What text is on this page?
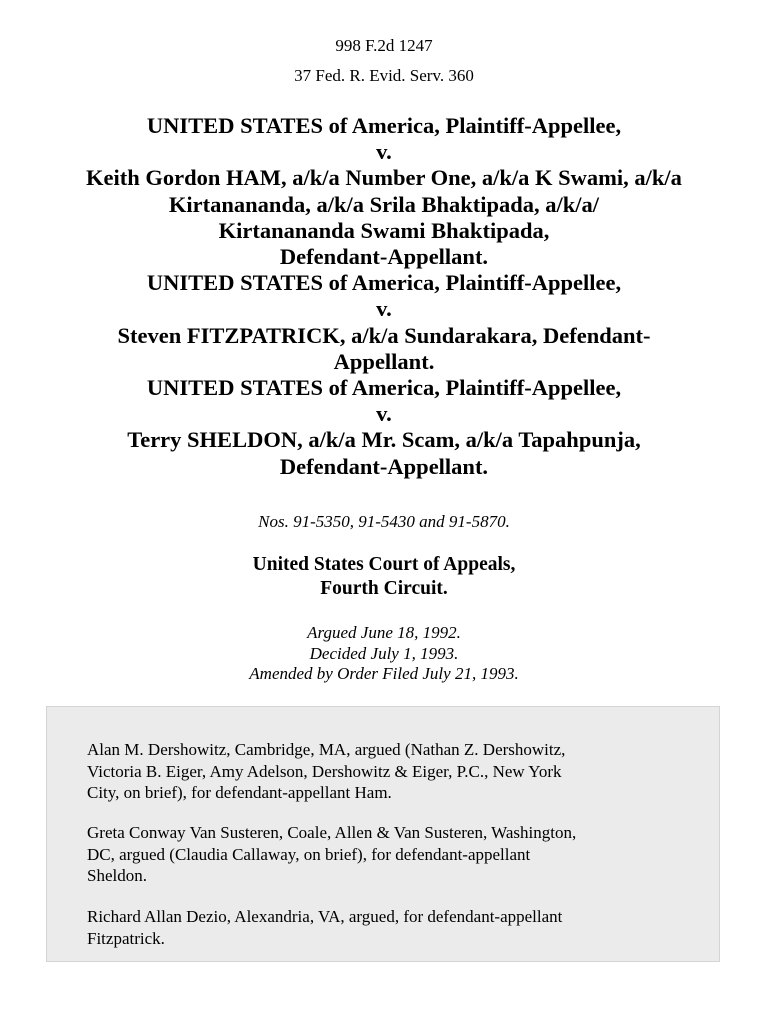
998 F.2d 1247
37 Fed. R. Evid. Serv. 360
UNITED STATES of America, Plaintiff-Appellee,
v.
Keith Gordon HAM, a/k/a Number One, a/k/a K Swami, a/k/a
Kirtanananda, a/k/a Srila Bhaktipada, a/k/a/
Kirtanananda Swami Bhaktipada,
Defendant-Appellant.
UNITED STATES of America, Plaintiff-Appellee,
v.
Steven FITZPATRICK, a/k/a Sundarakara, Defendant-
Appellant.
UNITED STATES of America, Plaintiff-Appellee,
v.
Terry SHELDON, a/k/a Mr. Scam, a/k/a Tapahpunja,
Defendant-Appellant.
Nos. 91-5350, 91-5430 and 91-5870.
United States Court of Appeals,
Fourth Circuit.
Argued June 18, 1992.
Decided July 1, 1993.
Amended by Order Filed July 21, 1993.
Alan M. Dershowitz, Cambridge, MA, argued (Nathan Z. Dershowitz,
Victoria B. Eiger, Amy Adelson, Dershowitz & Eiger, P.C., New York
City, on brief), for defendant-appellant Ham.
Greta Conway Van Susteren, Coale, Allen & Van Susteren, Washington,
DC, argued (Claudia Callaway, on brief), for defendant-appellant
Sheldon.
Richard Allan Dezio, Alexandria, VA, argued, for defendant-appellant
Fitzpatrick.
